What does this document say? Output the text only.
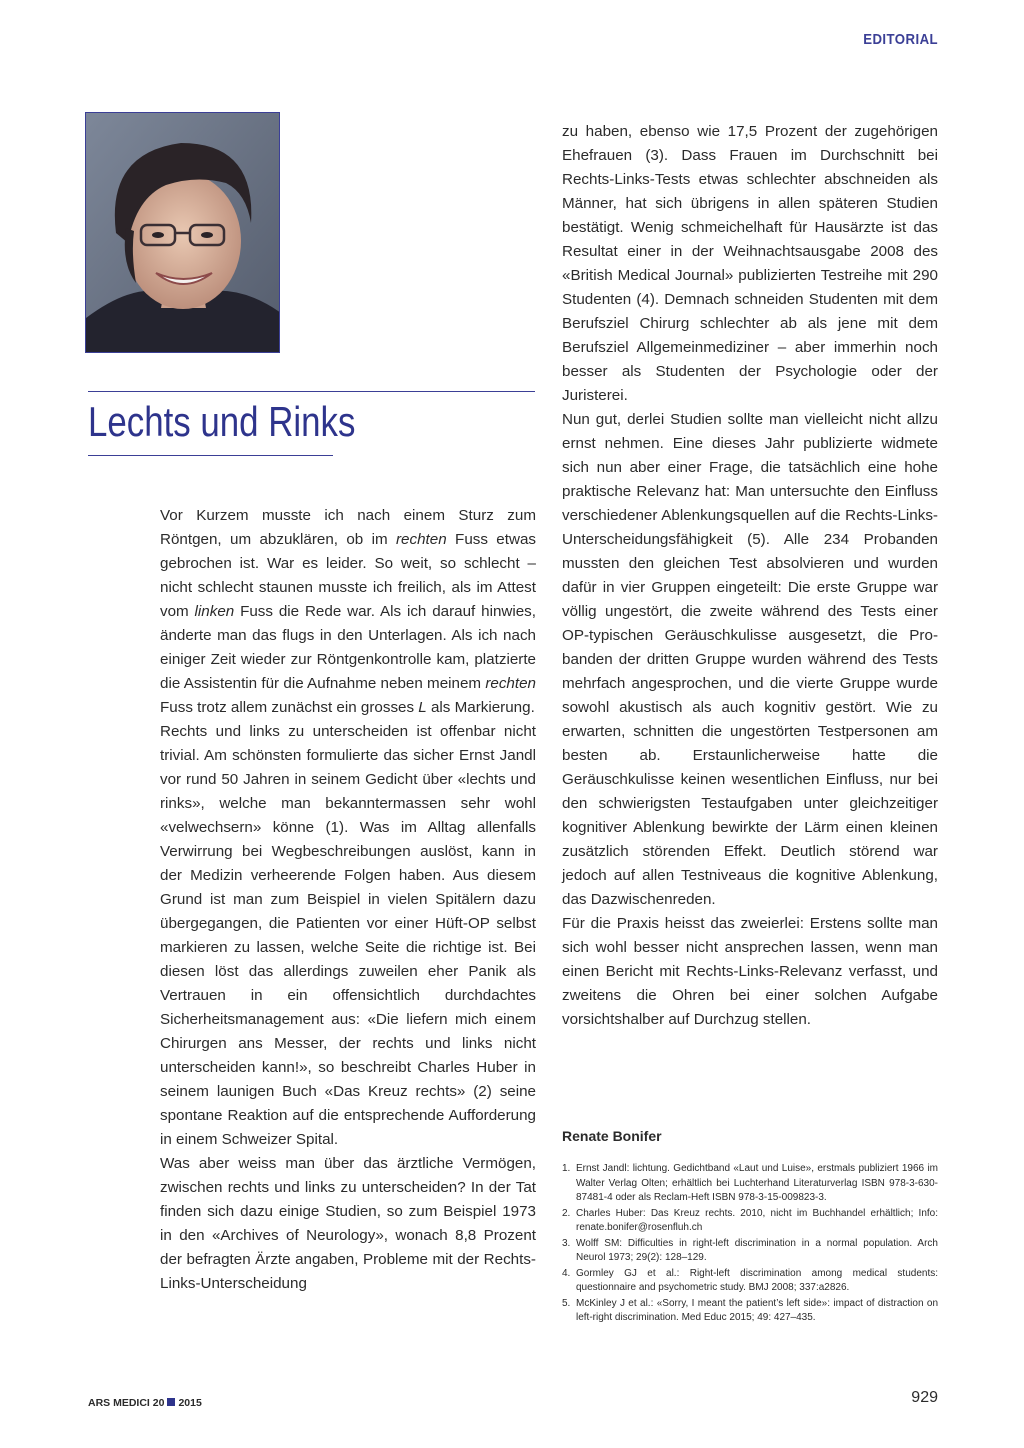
EDITORIAL
Lechts und Rinks

Vor Kurzem musste ich nach einem Sturz zum Röntgen, um abzuklären, ob im rechten Fuss etwas gebrochen ist. War es leider. So weit, so schlecht – nicht schlecht staunen musste ich freilich, als im Attest vom linken Fuss die Rede war. Als ich darauf hinwies, änderte man das flugs in den Unterlagen. Als ich nach einiger Zeit wieder zur Röntgenkontrolle kam, platzierte die Assistentin für die Aufnahme neben meinem rechten Fuss trotz allem zunächst ein grosses L als Markierung.

Rechts und links zu unterscheiden ist offenbar nicht trivial. Am schönsten formulierte das sicher Ernst Jandl vor rund 50 Jahren in seinem Gedicht über «lechts und rinks», welche man bekanntermassen sehr wohl «velwechsern» könne (1). Was im Alltag allenfalls Verwirrung bei Wegbeschreibungen auslöst, kann in der Medizin verheerende Folgen haben. Aus diesem Grund ist man zum Beispiel in vielen Spitälern dazu übergegangen, die Patienten vor einer Hüft-OP selbst markieren zu lassen, welche Seite die richtige ist. Bei diesen löst das allerdings zuweilen eher Panik als Vertrauen in ein offensichtlich durchdachtes Sicherheitsmanagement aus: «Die liefern mich einem Chirurgen ans Messer, der rechts und links nicht unterscheiden kann!», so beschreibt Charles Huber in seinem launigen Buch «Das Kreuz rechts» (2) seine spontane Reaktion auf die entsprechende Aufforderung in einem Schweizer Spital.

Was aber weiss man über das ärztliche Vermögen, zwischen rechts und links zu unterscheiden? In der Tat finden sich dazu einige Studien, so zum Beispiel 1973 in den «Archives of Neurology», wonach 8,8 Prozent der befragten Ärzte angaben, Probleme mit der Rechts-Links-Unterscheidung

zu haben, ebenso wie 17,5 Prozent der zugehörigen Ehefrauen (3). Dass Frauen im Durchschnitt bei Rechts-Links-Tests etwas schlechter abschneiden als Männer, hat sich übrigens in allen späteren Studien bestätigt. Wenig schmeichelhaft für Hausärzte ist das Resultat einer in der Weihnachtsausgabe 2008 des «British Medical Journal» publizierten Testreihe mit 290 Studenten (4). Demnach schneiden Studenten mit dem Berufsziel Chirurg schlechter ab als jene mit dem Berufsziel Allgemeinmediziner – aber immerhin noch besser als Studenten der Psychologie oder der Juristerei.

Nun gut, derlei Studien sollte man vielleicht nicht allzu ernst nehmen. Eine dieses Jahr publizierte widmete sich nun aber einer Frage, die tatsächlich eine hohe praktische Relevanz hat: Man untersuchte den Einfluss verschiedener Ablenkungsquellen auf die Rechts-Links-Unterscheidungsfähigkeit (5). Alle 234 Probanden mussten den gleichen Test absolvieren und wurden dafür in vier Gruppen eingeteilt: Die erste Gruppe war völlig ungestört, die zweite während des Tests einer OP-typischen Geräuschkulisse ausgesetzt, die Probanden der dritten Gruppe wurden während des Tests mehrfach angesprochen, und die vierte Gruppe wurde sowohl akustisch als auch kognitiv gestört. Wie zu erwarten, schnitten die ungestörten Testpersonen am besten ab. Erstaunlicherweise hatte die Geräuschkulisse keinen wesentlichen Einfluss, nur bei den schwierigsten Testaufgaben unter gleichzeitiger kognitiver Ablenkung bewirkte der Lärm einen kleinen zusätzlich störenden Effekt. Deutlich störend war jedoch auf allen Testniveaus die kognitive Ablenkung, das Dazwischenreden.

Für die Praxis heisst das zweierlei: Erstens sollte man sich wohl besser nicht ansprechen lassen, wenn man einen Bericht mit Rechts-Links-Relevanz verfasst, und zweitens die Ohren bei einer solchen Aufgabe vorsichtshalber auf Durchzug stellen.

Renate Bonifer
1. Ernst Jandl: lichtung. Gedichtband «Laut und Luise», erstmals publiziert 1966 im Walter Verlag Olten; erhältlich bei Luchterhand Literaturverlag ISBN 978-3-630-87481-4 oder als Reclam-Heft ISBN 978-3-15-009823-3.
2. Charles Huber: Das Kreuz rechts. 2010, nicht im Buchhandel erhältlich; Info: renate.bonifer@rosenfluh.ch
3. Wolff SM: Difficulties in right-left discrimination in a normal population. Arch Neurol 1973; 29(2): 128–129.
4. Gormley GJ et al.: Right-left discrimination among medical students: questionnaire and psychometric study. BMJ 2008; 337:a2826.
5. McKinley J et al.: «Sorry, I meant the patient’s left side»: impact of distraction on left-right discrimination. Med Educ 2015; 49: 427–435.
ARS MEDICI 20 2015	929
